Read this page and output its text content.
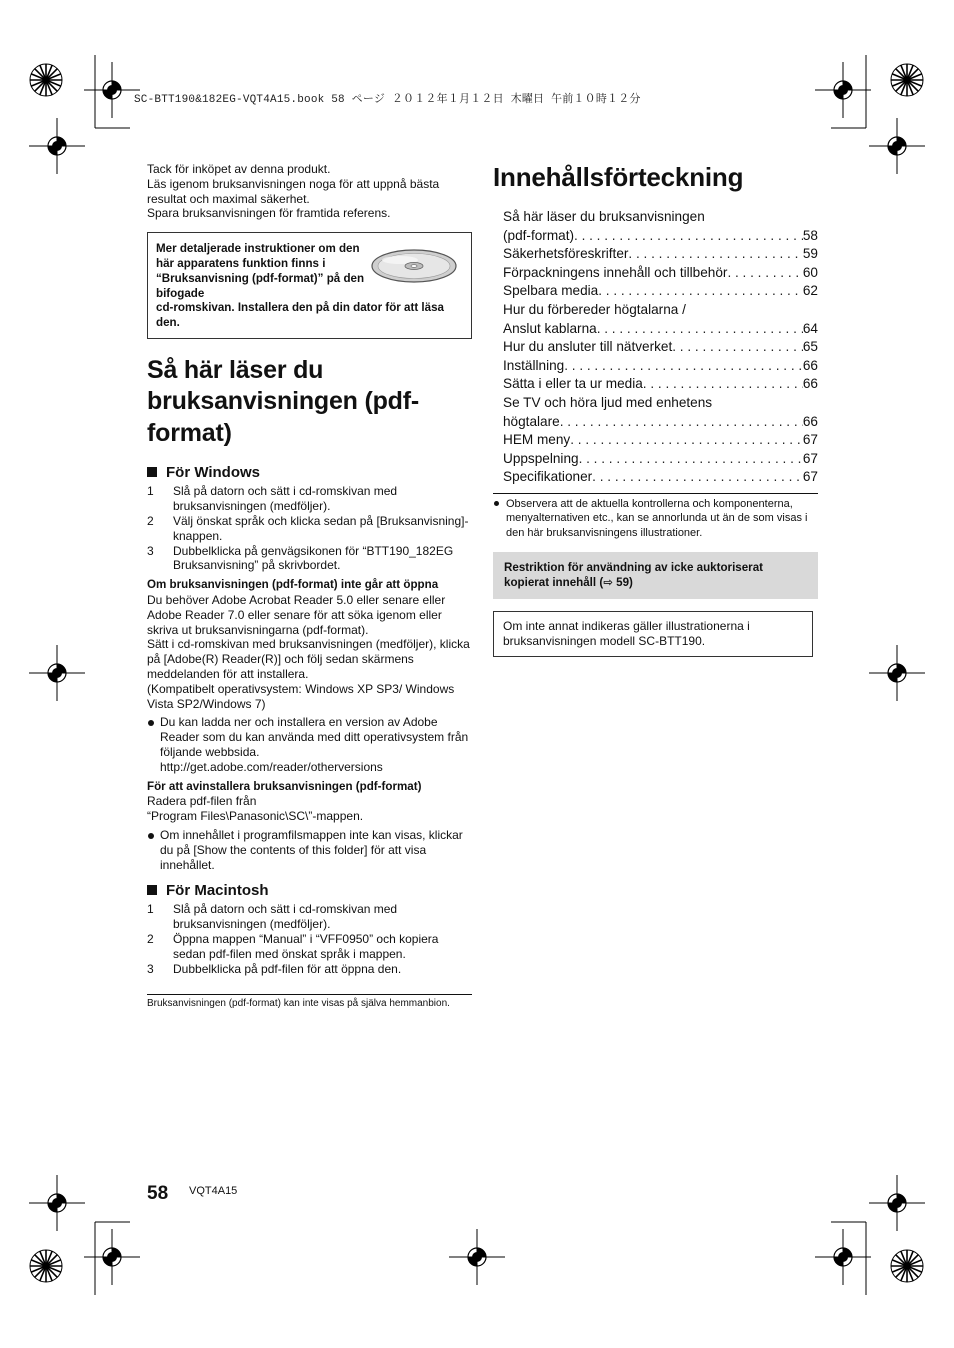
SC-BTT190&182EG-VQT4A15.book 58 ページ ２０１２年１月１２日 木曜日 午前１０時１２分

Tack för inköpet av denna produkt.

Läs igenom bruksanvisningen noga för att uppnå bästa resultat och maximal säkerhet.

Spara bruksanvisningen för framtida referens.

Mer detaljerade instruktioner om den här apparatens funktion finns i “Bruksanvisning (pdf-format)” på den bifogade
cd-romskivan. Installera den på din dator för att läsa den.
Så här läser du bruksanvisningen (pdf-format)
För Windows
1 Slå på datorn och sätt i cd-romskivan med bruksanvisningen (medföljer).
2 Välj önskat språk och klicka sedan på [Bruksanvisning]-knappen.
3 Dubbelklicka på genvägsikonen för “BTT190_182EG Bruksanvisning” på skrivbordet.
Om bruksanvisningen (pdf-format) inte går att öppna

Du behöver Adobe Acrobat Reader 5.0 eller senare eller Adobe Reader 7.0 eller senare för att söka igenom eller skriva ut bruksanvisningarna (pdf-format).

Sätt i cd-romskivan med bruksanvisningen (medföljer), klicka på [Adobe(R) Reader(R)] och följ sedan skärmens meddelanden för att installera.

(Kompatibelt operativsystem: Windows XP SP3/ Windows Vista SP2/Windows 7)

Du kan ladda ner och installera en version av Adobe Reader som du kan använda med ditt operativsystem från följande webbsida.
http://get.adobe.com/reader/otherversions
För att avinstallera bruksanvisningen (pdf-format)

Radera pdf-filen från

“Program Files\Panasonic\SC\”-mappen.

Om innehållet i programfilsmappen inte kan visas, klickar du på [Show the contents of this folder] för att visa innehållet.
För Macintosh
1 Slå på datorn och sätt i cd-romskivan med bruksanvisningen (medföljer).
2 Öppna mappen “Manual” i “VFF0950” och kopiera sedan pdf-filen med önskat språk i mappen.
3 Dubbelklicka på pdf-filen för att öppna den.
Bruksanvisningen (pdf-format) kan inte visas på själva hemmanbion.
Innehållsförteckning
Så här läser du bruksanvisningen
(pdf-format) . . .	58
Säkerhetsföreskrifter . . .	59
Förpackningens innehåll och tillbehör . . .	60
Spelbara media . . .	62
Hur du förbereder högtalarna /
Anslut kablarna . . .	64
Hur du ansluter till nätverket . . .	65
Inställning . . .	66
Sätta i eller ta ur media . . .	66
Se TV och höra ljud med enhetens
högtalare . . .	66
HEM meny . . .	67
Uppspelning . . .	67
Specifikationer . . .	67
Observera att de aktuella kontrollerna och komponenterna, menyalternativen etc., kan se annorlunda ut än de som visas i den här bruksanvisningens illustrationer.
Restriktion för användning av icke auktoriserat kopierat innehåll (⇨ 59)
Om inte annat indikeras gäller illustrationerna i bruksanvisningen modell SC-BTT190.
58 VQT4A15
